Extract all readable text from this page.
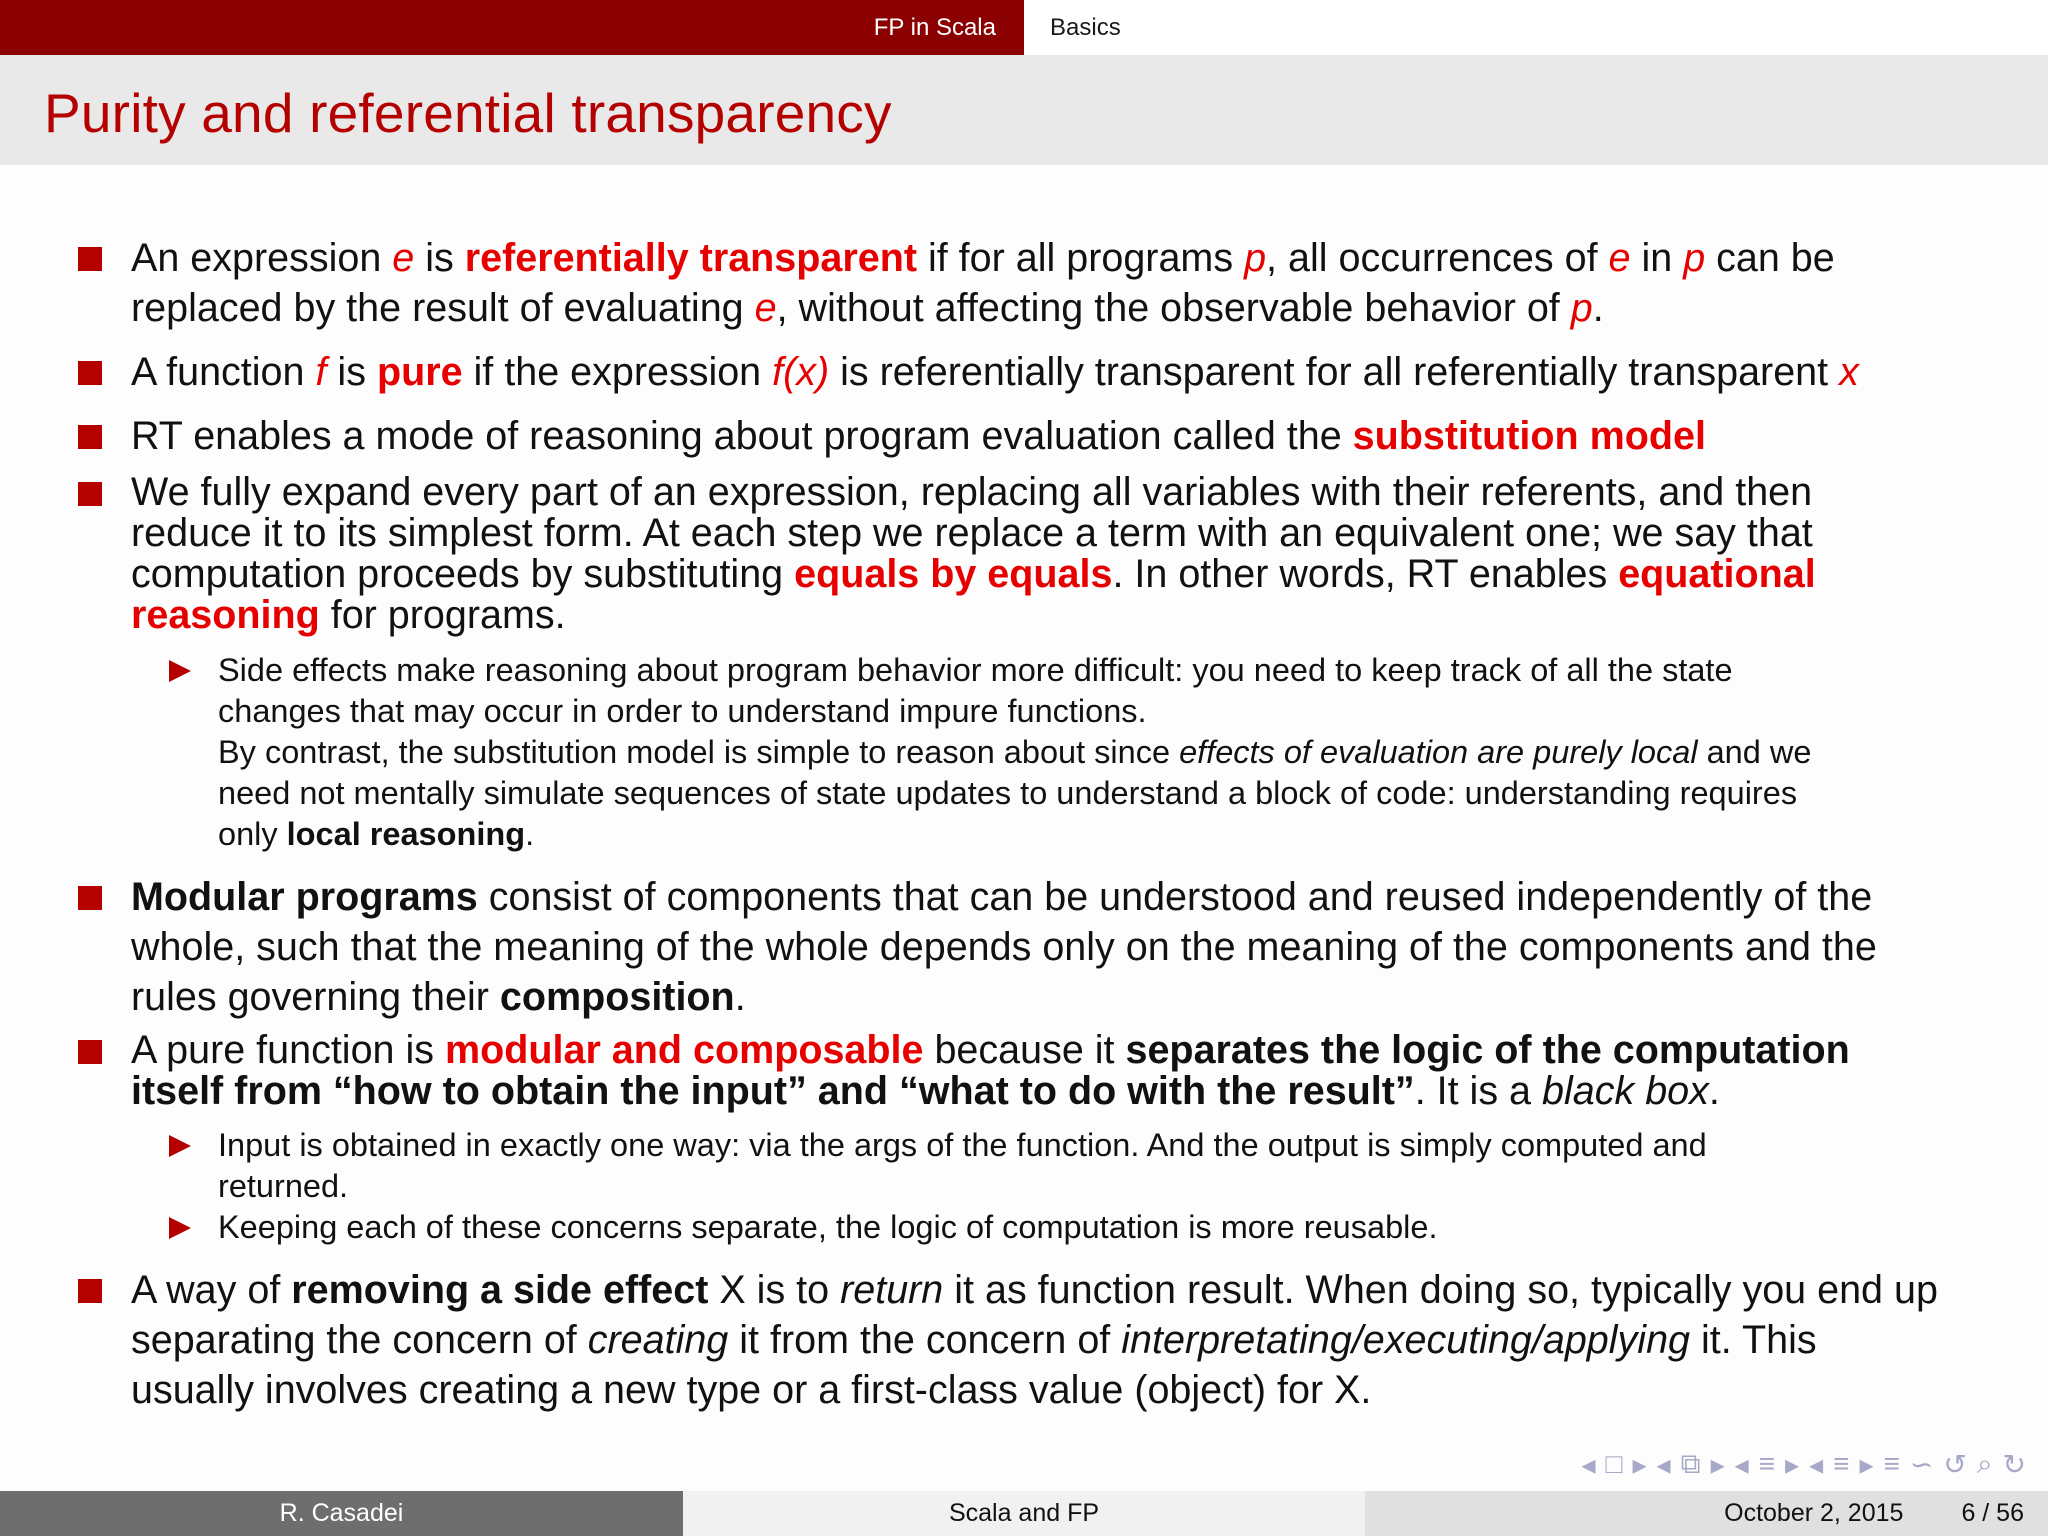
FP in Scala Basics
Purity and referential transparency
An expression e is referentially transparent if for all programs p, all occurrences of e in p can be
replaced by the result of evaluating e, without affecting the observable behavior of p.
A function f is pure if the expression f(x) is referentially transparent for all referentially transparent x
RT enables a mode of reasoning about program evaluation called the substitution model
We fully expand every part of an expression, replacing all variables with their referents, and then
reduce it to its simplest form. At each step we replace a term with an equivalent one; we say that
computation proceeds by substituting equals by equals. In other words, RT enables equational
reasoning for programs.
Side effects make reasoning about program behavior more difficult: you need to keep track of all the state
changes that may occur in order to understand impure functions.
By contrast, the substitution model is simple to reason about since effects of evaluation are purely local and we
need not mentally simulate sequences of state updates to understand a block of code: understanding requires
only local reasoning.
Modular programs consist of components that can be understood and reused independently of the
whole, such that the meaning of the whole depends only on the meaning of the components and the
rules governing their composition.
A pure function is modular and composable because it separates the logic of the computation
itself from “how to obtain the input” and “what to do with the result”. It is a black box.
Input is obtained in exactly one way: via the args of the function. And the output is simply computed and
returned.
Keeping each of these concerns separate, the logic of computation is more reusable.
A way of removing a side effect X is to return it as function result. When doing so, typically you end up
separating the concern of creating it from the concern of interpretating/executing/applying it. This
usually involves creating a new type or a first-class value (object) for X.
◂ □ ▸ ◂ ⧉ ▸ ◂ ≡ ▸ ◂ ≡ ▸ ≡ ∽ ↺ ⌕ ↻
R. Casadei	Scala and FP	October 2, 2015 6 / 56
